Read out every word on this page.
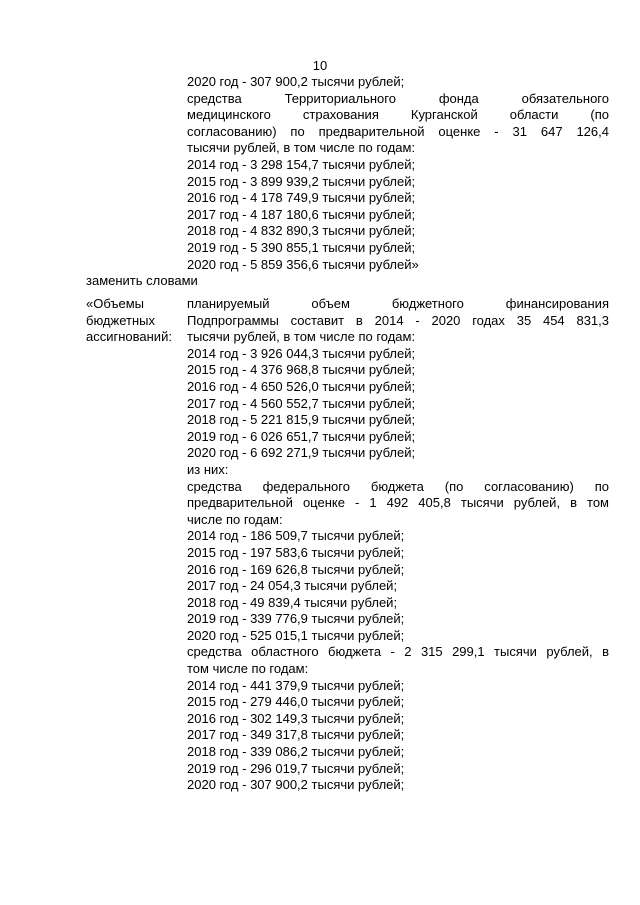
10
2020 год - 307 900,2 тысячи рублей;
средства Территориального фонда обязательного
медицинского страхования Курганской области (по
согласованию) по предварительной оценке - 31 647 126,4
тысячи рублей, в том числе по годам:
2014 год - 3 298 154,7 тысячи рублей;
2015 год - 3 899 939,2 тысячи рублей;
2016 год - 4 178 749,9 тысячи рублей;
2017 год - 4 187 180,6 тысячи рублей;
2018 год - 4 832 890,3 тысячи рублей;
2019 год - 5 390 855,1 тысячи рублей;
2020 год - 5 859 356,6 тысячи рублей»
заменить словами
«Объемы
бюджетных
ассигнований:
планируемый объем бюджетного финансирования
Подпрограммы составит в 2014 - 2020 годах 35 454 831,3
тысячи рублей, в том числе по годам:
2014 год - 3 926 044,3 тысячи рублей;
2015 год - 4 376 968,8 тысячи рублей;
2016 год - 4 650 526,0 тысячи рублей;
2017 год - 4 560 552,7 тысячи рублей;
2018 год - 5 221 815,9 тысячи рублей;
2019 год - 6 026 651,7 тысячи рублей;
2020 год - 6 692 271,9 тысячи рублей;
из них:
средства федерального бюджета (по согласованию) по
предварительной оценке - 1 492 405,8 тысячи рублей, в том
числе по годам:
2014 год - 186 509,7 тысячи рублей;
2015 год - 197 583,6 тысячи рублей;
2016 год - 169 626,8 тысячи рублей;
2017 год - 24 054,3 тысячи рублей;
2018 год - 49 839,4 тысячи рублей;
2019 год - 339 776,9 тысячи рублей;
2020 год - 525 015,1 тысячи рублей;
средства областного бюджета - 2 315 299,1 тысячи рублей, в
том числе по годам:
2014 год - 441 379,9 тысячи рублей;
2015 год - 279 446,0 тысячи рублей;
2016 год - 302 149,3 тысячи рублей;
2017 год - 349 317,8 тысячи рублей;
2018 год - 339 086,2 тысячи рублей;
2019 год - 296 019,7 тысячи рублей;
2020 год - 307 900,2 тысячи рублей;
